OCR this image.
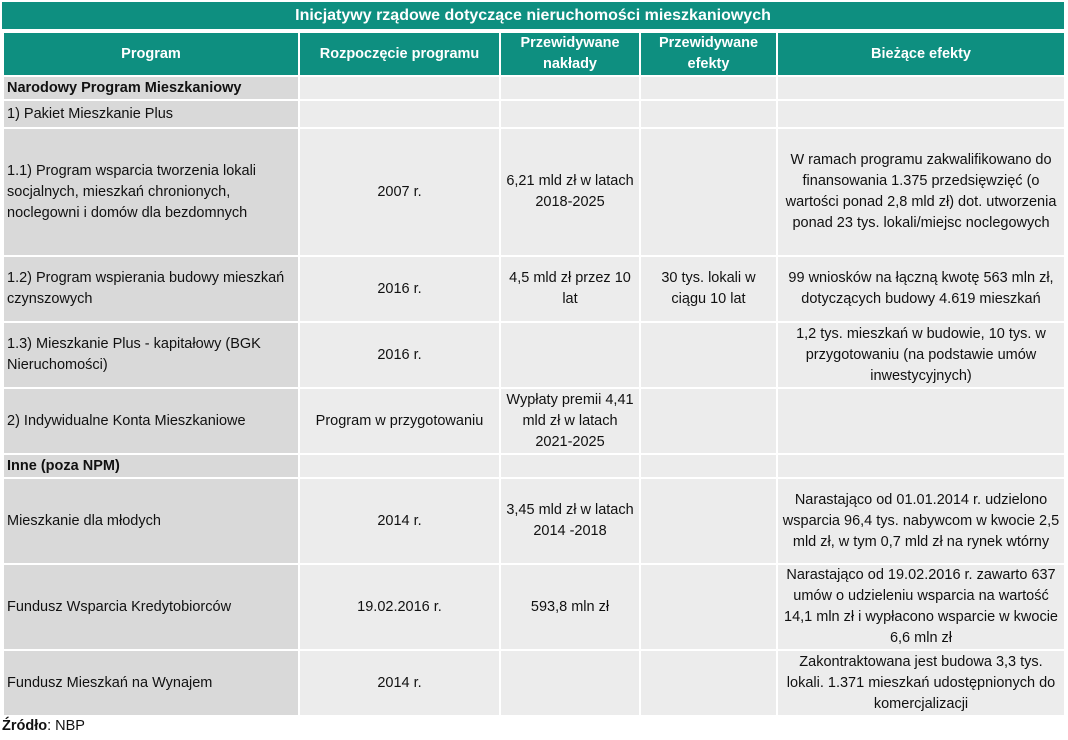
Inicjatywy rządowe dotyczące nieruchomości mieszkaniowych
Program	Rozpoczęcie programu	Przewidywane nakłady	Przewidywane efekty	Bieżące efekty
Narodowy Program Mieszkaniowy				
1) Pakiet Mieszkanie Plus				
1.1) Program wsparcia tworzenia lokali socjalnych, mieszkań chronionych, noclegowni i domów dla bezdomnych	2007 r.	6,21 mld zł w latach 2018-2025		W ramach programu zakwalifikowano do finansowania 1.375 przedsięwzięć (o wartości ponad 2,8 mld zł) dot. utworzenia ponad 23 tys. lokali/miejsc noclegowych
1.2) Program wspierania budowy mieszkań czynszowych	2016 r.	4,5 mld zł przez 10 lat	30 tys. lokali w ciągu 10 lat	99 wniosków na łączną kwotę 563 mln zł, dotyczących budowy 4.619 mieszkań
1.3) Mieszkanie Plus - kapitałowy (BGK Nieruchomości)	2016 r.			1,2 tys. mieszkań w budowie, 10 tys. w przygotowaniu (na podstawie umów inwestycyjnych)
2) Indywidualne Konta Mieszkaniowe	Program w przygotowaniu	Wypłaty premii 4,41 mld zł w latach 2021-2025		
Inne (poza NPM)				
Mieszkanie dla młodych	2014 r.	3,45 mld zł w latach 2014 -2018		Narastająco od 01.01.2014 r. udzielono wsparcia 96,4 tys. nabywcom w kwocie 2,5 mld zł, w tym 0,7 mld zł na rynek wtórny
Fundusz Wsparcia Kredytobiorców	19.02.2016 r.	593,8 mln zł		Narastająco od 19.02.2016 r. zawarto 637 umów o udzieleniu wsparcia na wartość 14,1 mln zł i wypłacono wsparcie w kwocie 6,6 mln zł
Fundusz Mieszkań na Wynajem	2014 r.			Zakontraktowana jest budowa 3,3 tys. lokali. 1.371 mieszkań udostępnionych do komercjalizacji
Źródło: NBP
